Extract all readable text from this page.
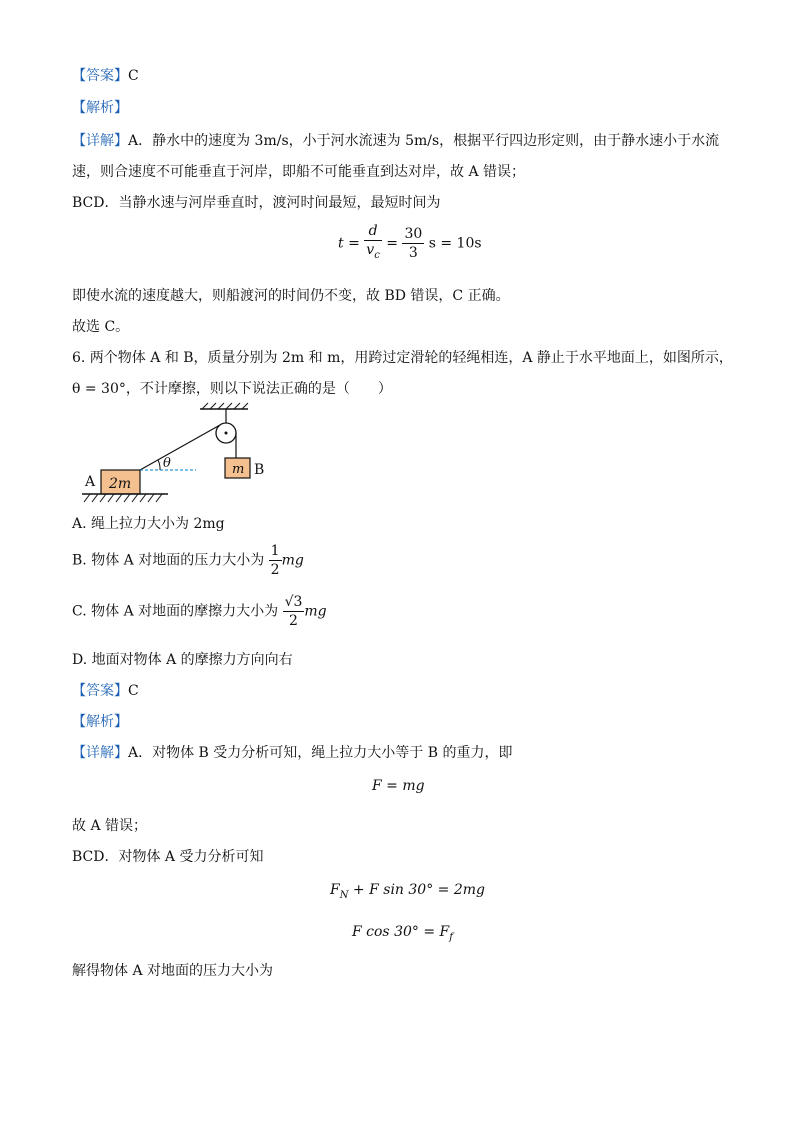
【答案】C
【解析】
【详解】A．静水中的速度为 3m/s，小于河水流速为 5m/s，根据平行四边形定则，由于静水速小于水流
速，则合速度不可能垂直于河岸，即船不可能垂直到达对岸，故 A 错误；
BCD．当静水速与河岸垂直时，渡河时间最短，最短时间为
$t = \frac{d}{v_c} = \frac{30}{3}$ s = 10s
即使水流的速度越大，则船渡河的时间仍不变，故 BD 错误，C 正确。
故选 C。
6. 两个物体 A 和 B，质量分别为 2m 和 m，用跨过定滑轮的轻绳相连，A 静止于水平地面上，如图所示，
θ = 30°，不计摩擦，则以下说法正确的是（　　）
θ	m B
2m
A
A. 绳上拉力大小为 2mg
B. 物体 A 对地面的压力大小为 $\frac{1}{2}$ mg
C. 物体 A 对地面的摩擦力大小为 $\frac{√3}{2}$ mg
D. 地面对物体 A 的摩擦力方向向右
【答案】C
【解析】
【详解】A．对物体 B 受力分析可知，绳上拉力大小等于 B 的重力，即
F = mg
故 A 错误；
BCD．对物体 A 受力分析可知
$F_N + F$ sin 30° = 2mg
F $\cos 30^\circ = F_f$
解得物体 A 对地面的压力大小为
